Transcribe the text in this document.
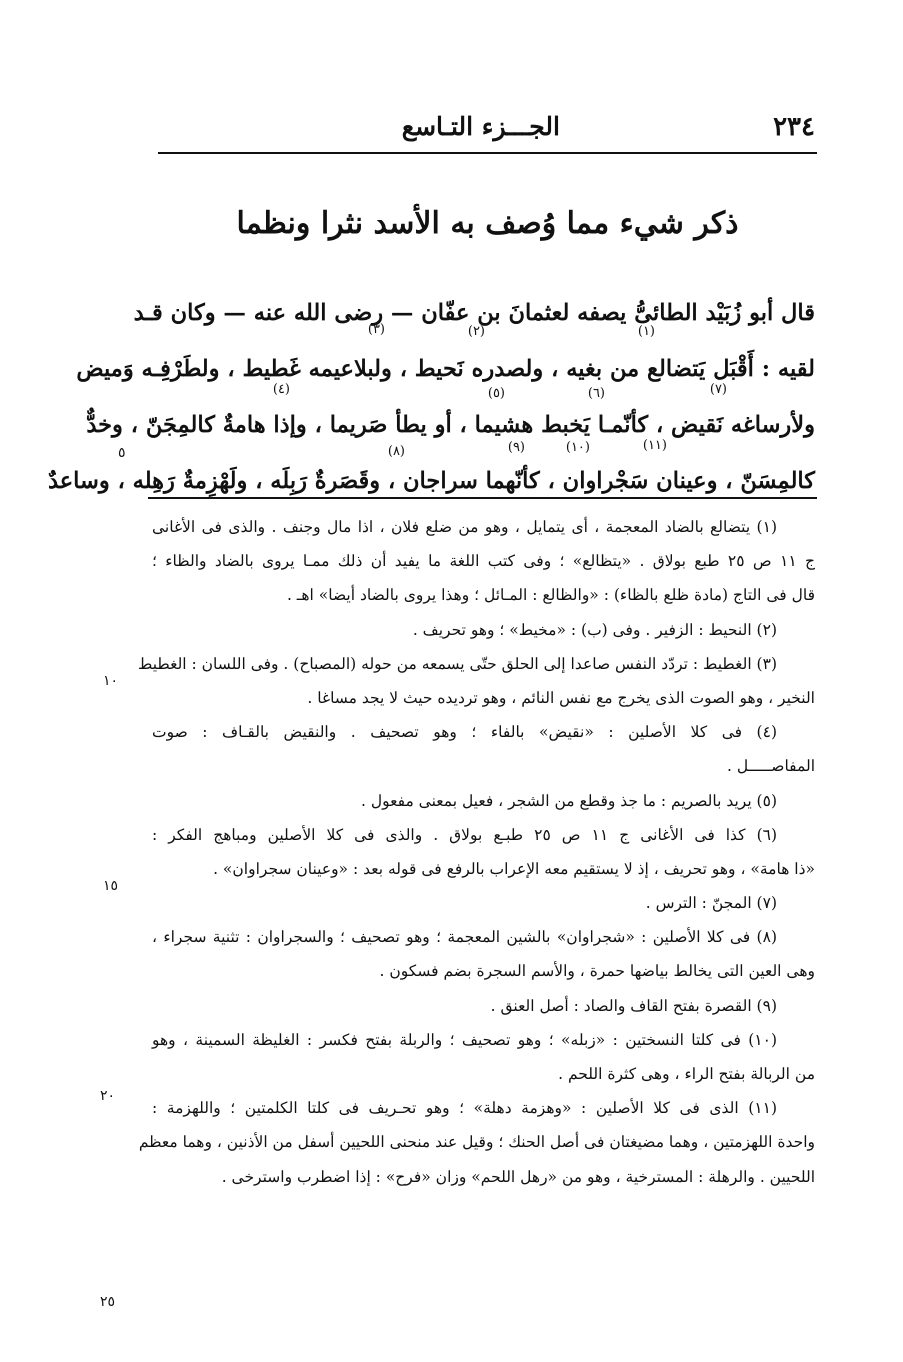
٢٣٤
الجـــزء التـاسع
ذكر شيء مما وُصف به الأسد نثرا ونظما
قال أبو زُبَيْد الطائىُّ يصفه لعثمانَ بن عفّان — رضى الله عنه — وكان قـد
(٣)	(٢)	(١)
لقيه : أَقْبَل يَتضالع من بغيه ، ولصدره نَحيط ، ولبلاعيمه غَطيط ، ولطَرْفِـه وَميض
(٧)
(٦)
(٥)
(٤)
ولأرساغه نَقيض ، كأنّمـا يَخبط هشيما ، أو يطأ صَريما ، وإذا هامةٌ كالمِجَنّ ، وخدٌّ
(١١)
(١٠)
(٩)
(٨)
كالمِسَنّ ، وعينان سَجْراوان ، كأنّهما سراجان ، وقَصَرةٌ رَبِلَه ، ولَهْزِمةٌ رَهِله ، وساعدٌ
٥
(١) يتضالع بالضاد المعجمة ، أى يتمايل ، وهو من ضلع فلان ، اذا مال وجنف . والذى فى الأغانى
ج ١١ ص ٢٥ طبع بولاق . «يتظالع» ؛ وفى كتب اللغة ما يفيد أن ذلك ممـا يروى بالضاد والظاء ؛
قال فى التاج (مادة ظلع بالظاء) : «والظالع : المـائل ؛ وهذا يروى بالضاد أيضا» اهـ .
(٢) النحيط : الزفير . وفى (ب) : «مخيط» ؛ وهو تحريف .
(٣) الغطيط : تردّد النفس صاعدا إلى الحلق حتّى يسمعه من حوله (المصباح) . وفى اللسان : الغطيط
النخير ، وهو الصوت الذى يخرج مع نفس النائم ، وهو ترديده حيث لا يجد مساغا .
(٤) فى كلا الأصلين : «نقيض» بالفاء ؛ وهو تصحيف . والنقيض بالقـاف : صوت
المفاصـــــل .
(٥) يريد بالصريم : ما جذ وقطع من الشجر ، فعيل بمعنى مفعول .
(٦) كذا فى الأغانى ج ١١ ص ٢٥ طبـع بولاق . والذى فى كلا الأصلين ومباهج الفكر :
«ذا هامة» ، وهو تحريف ، إذ لا يستقيم معه الإعراب بالرفع فى قوله بعد : «وعينان سجراوان» .
(٧) المجنّ : الترس .
(٨) فى كلا الأصلين : «شجراوان» بالشين المعجمة ؛ وهو تصحيف ؛ والسجراوان : تثنية سجراء ،
وهى العين التى يخالط بياضها حمرة ، والأسم السجرة بضم فسكون .
(٩) القصرة بفتح القاف والصاد : أصل العنق .
(١٠) فى كلتا النسختين : «زبله» ؛ وهو تصحيف ؛ والربلة بفتح فكسر : الغليظة السمينة ، وهو
من الربالة بفتح الراء ، وهى كثرة اللحم .
(١١) الذى فى كلا الأصلين : «وهزمة دهلة» ؛ وهو تحـريف فى كلتا الكلمتين ؛ واللهزمة :
واحدة اللهزمتين ، وهما مضيغتان فى أصل الحنك ؛ وقيل عند منحنى اللحيين أسفل من الأذنين ، وهما معظم
اللحيين . والرهلة : المسترخية ، وهو من «رهل اللحم» وزان «فرح» : إذا اضطرب واسترخى .
١٠
١٥
٢٠
٢٥
